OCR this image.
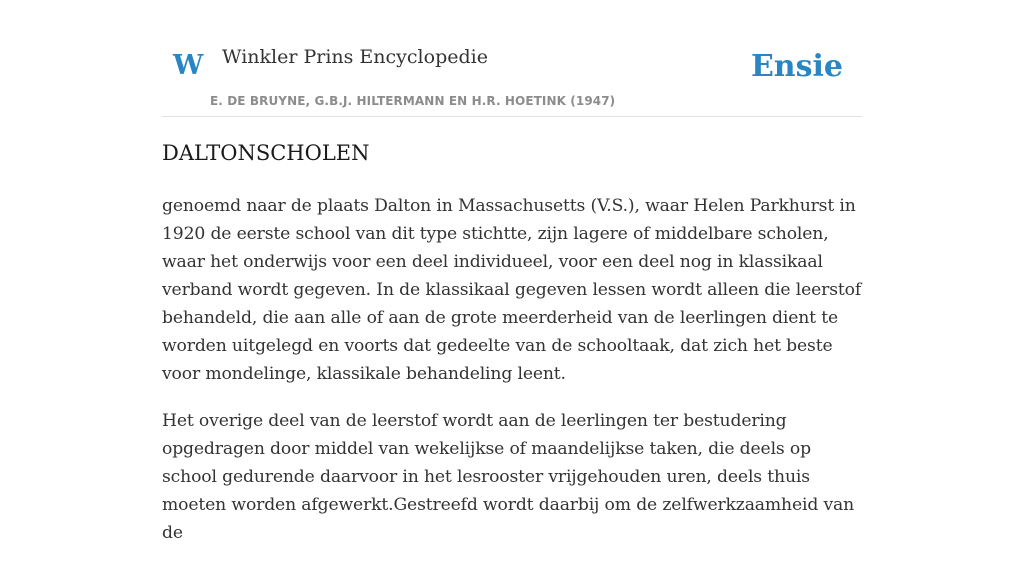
W Winkler Prins Encyclopedie
E. DE BRUYNE, G.B.J. HILTERMANN EN H.R. HOETINK (1947)
Ensie
DALTONSCHOLEN

genoemd naar de plaats Dalton in Massachusetts (V.S.), waar Helen Parkhurst in 1920 de eerste school van dit type stichtte, zijn lagere of middelbare scholen, waar het onderwijs voor een deel individueel, voor een deel nog in klassikaal verband wordt gegeven. In de klassikaal gegeven lessen wordt alleen die leerstof behandeld, die aan alle of aan de grote meerderheid van de leerlingen dient te worden uitgelegd en voorts dat gedeelte van de schooltaak, dat zich het beste voor mondelinge, klassikale behandeling leent.

Het overige deel van de leerstof wordt aan de leerlingen ter bestudering opgedragen door middel van wekelijkse of maandelijkse taken, die deels op school gedurende daarvoor in het lesrooster vrijgehouden uren, deels thuis moeten worden afgewerkt.Gestreefd wordt daarbij om de zelfwerkzaamheid van de
